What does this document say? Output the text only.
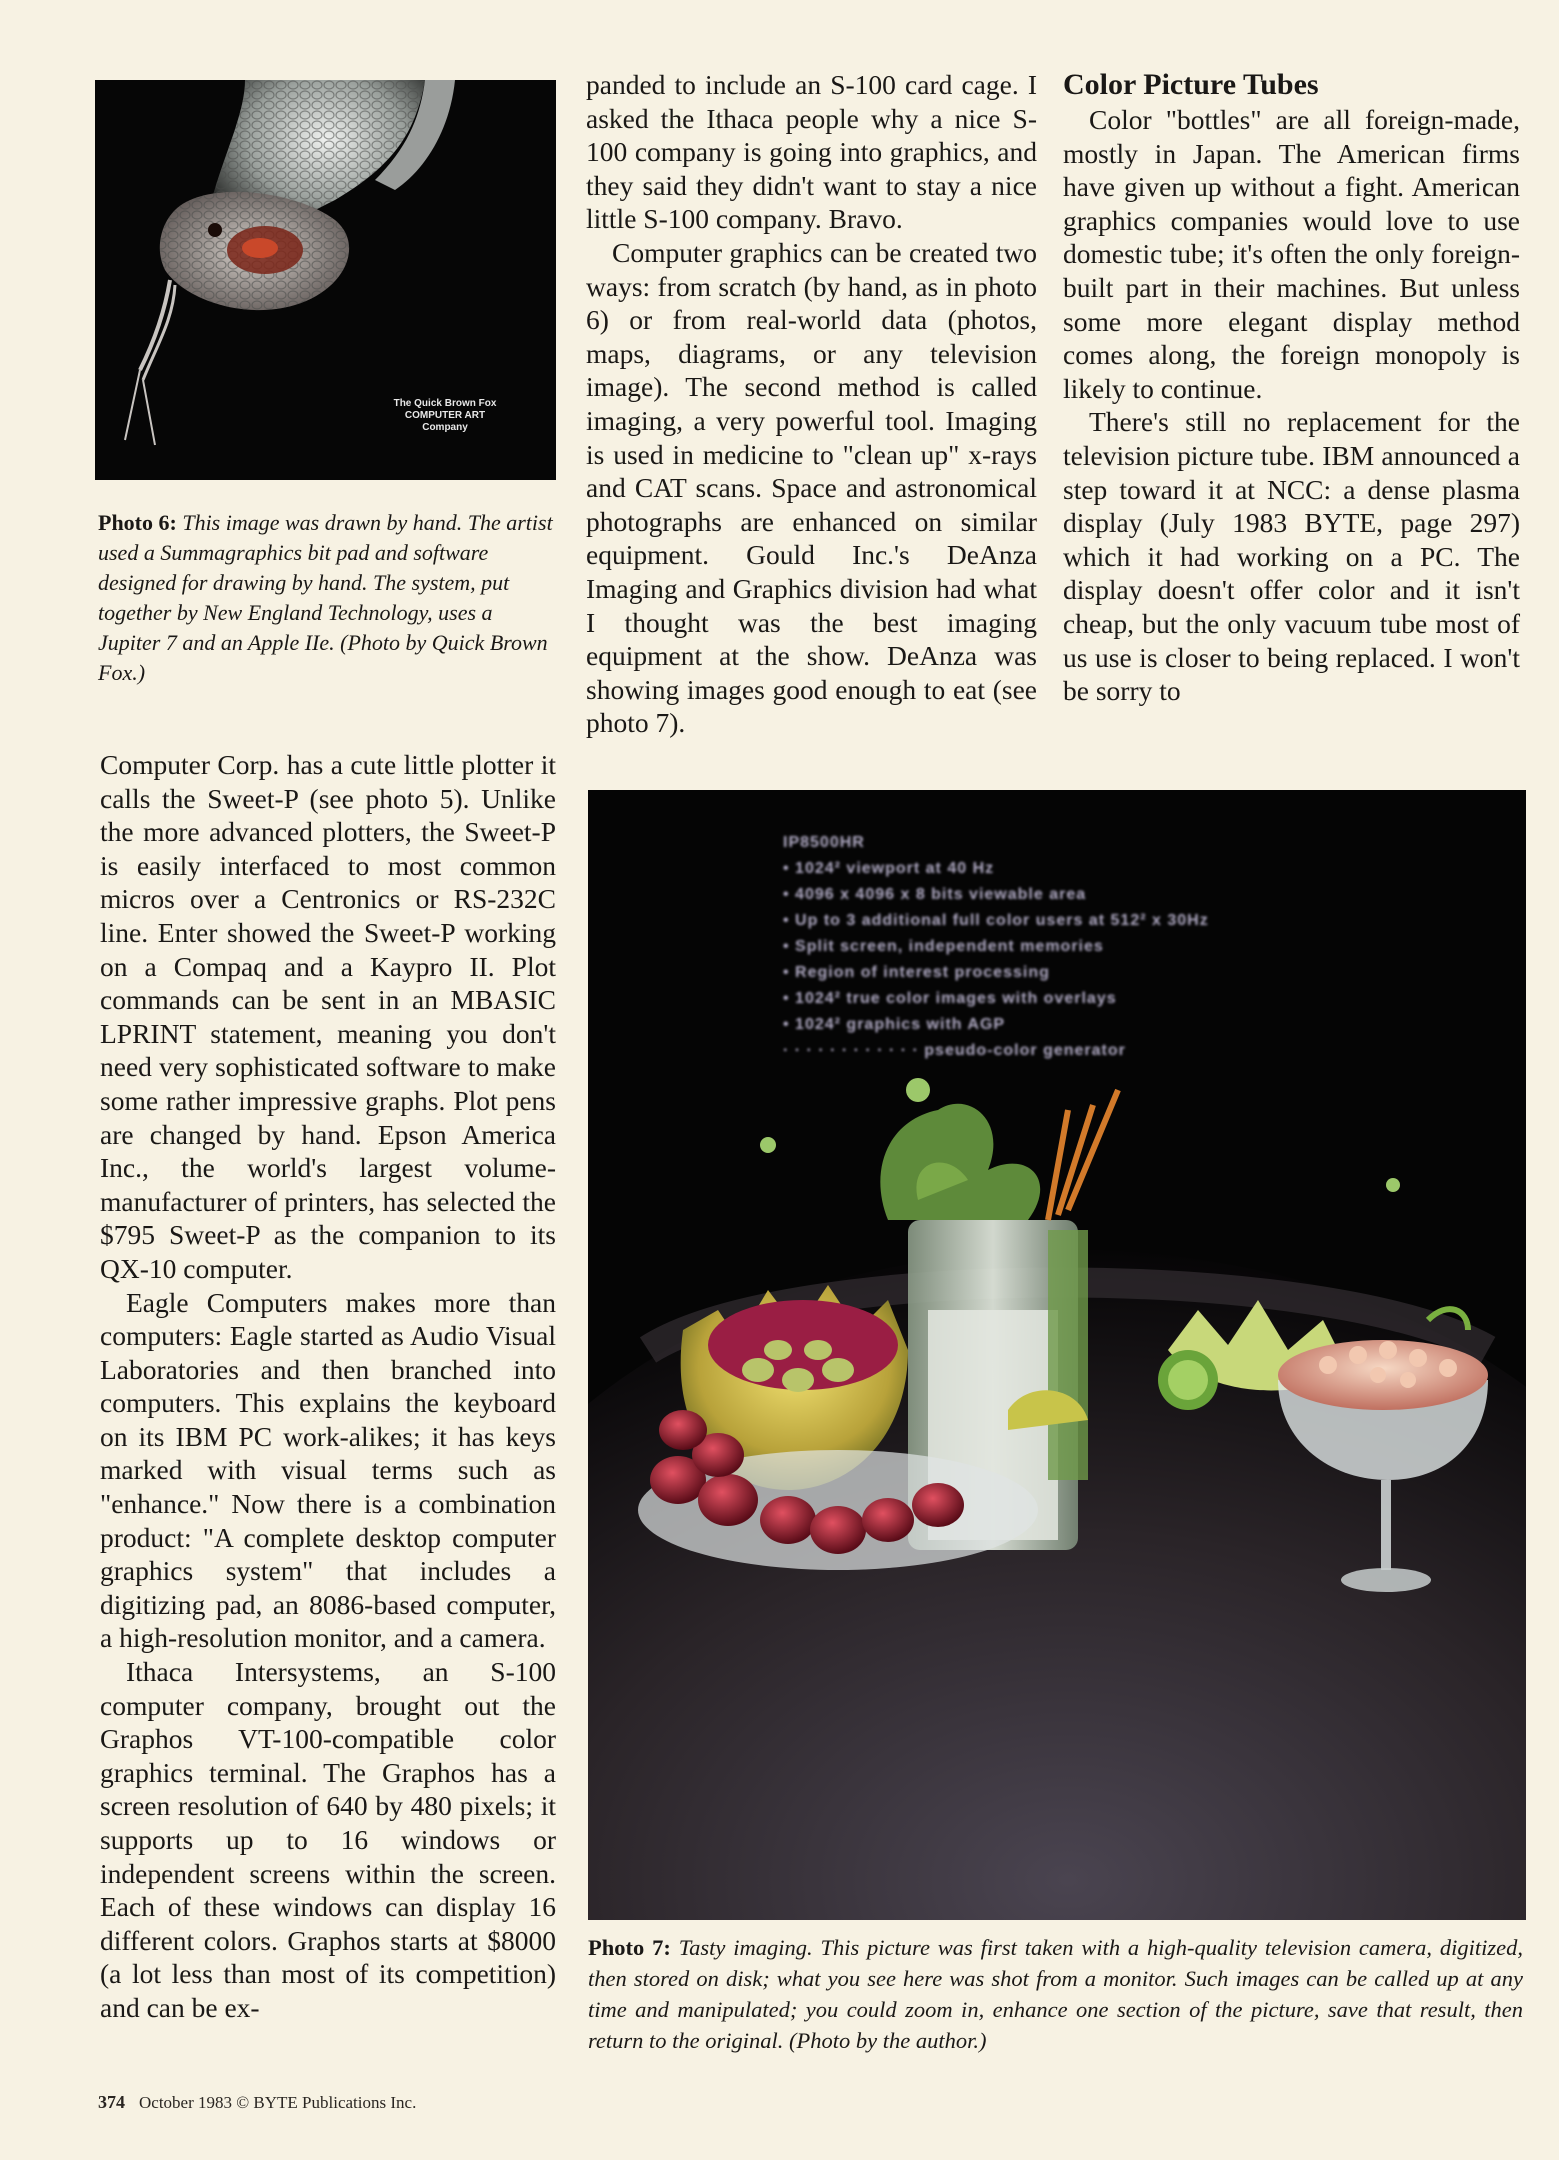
The Quick Brown Fox
COMPUTER ART
Company
Photo 6: This image was drawn by hand. The artist used a Summagraphics bit pad and software designed for drawing by hand. The system, put together by New England Technology, uses a Jupiter 7 and an Apple IIe. (Photo by Quick Brown Fox.)

Computer Corp. has a cute little plotter it calls the Sweet-P (see photo 5). Unlike the more advanced plotters, the Sweet-P is easily interfaced to most common micros over a Centronics or RS-232C line. Enter showed the Sweet-P working on a Compaq and a Kaypro II. Plot commands can be sent in an MBASIC LPRINT statement, meaning you don't need very sophisticated software to make some rather impressive graphs. Plot pens are changed by hand. Epson America Inc., the world's largest volume-manufacturer of printers, has selected the $795 Sweet-P as the companion to its QX-10 computer.

Eagle Computers makes more than computers: Eagle started as Audio Visual Laboratories and then branched into computers. This explains the keyboard on its IBM PC work-alikes; it has keys marked with visual terms such as "enhance." Now there is a combination product: "A complete desktop computer graphics system" that includes a digitizing pad, an 8086-based computer, a high-resolution monitor, and a camera.

Ithaca Intersystems, an S-100 computer company, brought out the Graphos VT-100-compatible color graphics terminal. The Graphos has a screen resolution of 640 by 480 pixels; it supports up to 16 windows or independent screens within the screen. Each of these windows can display 16 different colors. Graphos starts at $8000 (a lot less than most of its competition) and can be ex-

panded to include an S-100 card cage. I asked the Ithaca people why a nice S-100 company is going into graphics, and they said they didn't want to stay a nice little S-100 company. Bravo.

Computer graphics can be created two ways: from scratch (by hand, as in photo 6) or from real-world data (photos, maps, diagrams, or any television image). The second method is called imaging, a very powerful tool. Imaging is used in medicine to "clean up" x-rays and CAT scans. Space and astronomical photographs are enhanced on similar equipment. Gould Inc.'s DeAnza Imaging and Graphics division had what I thought was the best imaging equipment at the show. DeAnza was showing images good enough to eat (see photo 7).

Color Picture Tubes

Color "bottles" are all foreign-made, mostly in Japan. The American firms have given up without a fight. American graphics companies would love to use domestic tube; it's often the only foreign-built part in their machines. But unless some more elegant display method comes along, the foreign monopoly is likely to continue.

There's still no replacement for the television picture tube. IBM announced a step toward it at NCC: a dense plasma display (July 1983 BYTE, page 297) which it had working on a PC. The display doesn't offer color and it isn't cheap, but the only vacuum tube most of us use is closer to being replaced. I won't be sorry to

IP8500HR
• 1024² viewport at 40 Hz
• 4096 x 4096 x 8 bits viewable area
• Up to 3 additional full color users at 512² x 30Hz
• Split screen, independent memories
• Region of interest processing
• 1024² true color images with overlays
• 1024² graphics with AGP
· · · · · · · · · · · · pseudo-color generator
Photo 7: Tasty imaging. This picture was first taken with a high-quality television camera, digitized, then stored on disk; what you see here was shot from a monitor. Such images can be called up at any time and manipulated; you could zoom in, enhance one section of the picture, save that result, then return to the original. (Photo by the author.)
374 October 1983 © BYTE Publications Inc.
